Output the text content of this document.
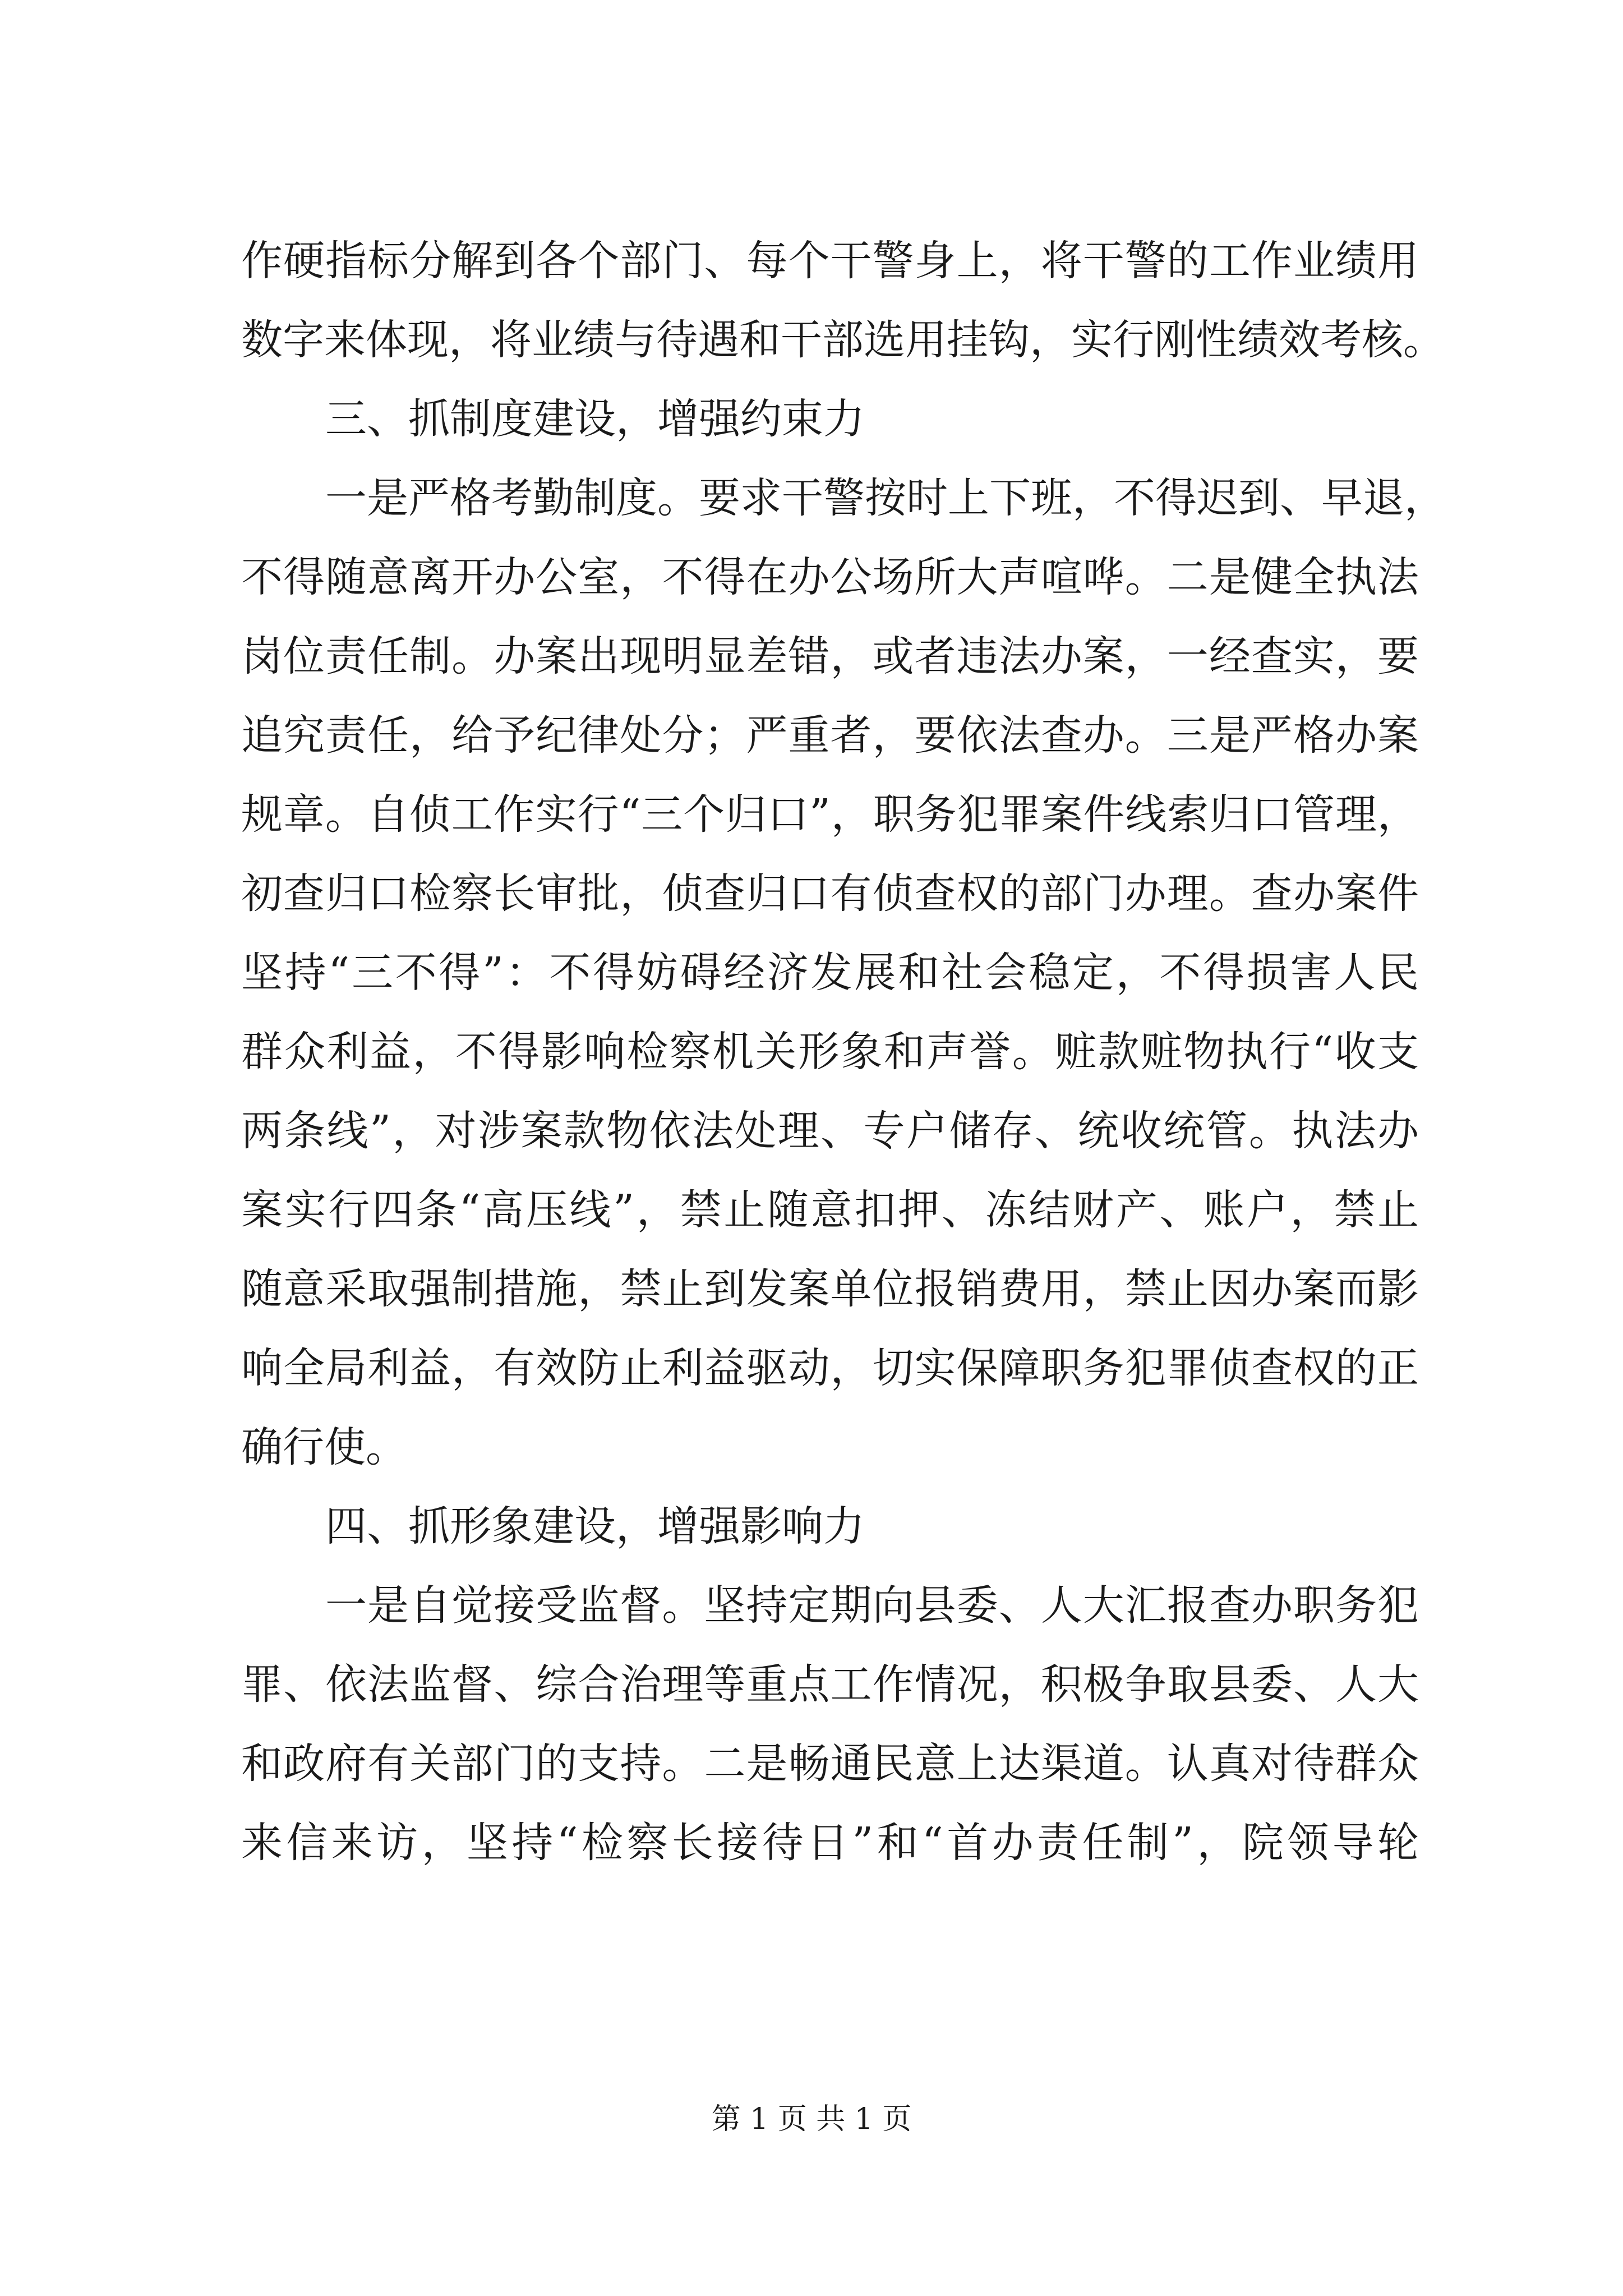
作硬指标分解到各个部门、每个干警身上，将干警的工作业绩用
数字来体现，将业绩与待遇和干部选用挂钩，实行刚性绩效考核。
三、抓制度建设，增强约束力
一是严格考勤制度。要求干警按时上下班，不得迟到、早退，
不得随意离开办公室，不得在办公场所大声喧哗。二是健全执法
岗位责任制。办案出现明显差错，或者违法办案，一经查实，要
追究责任，给予纪律处分；严重者，要依法查办。三是严格办案
规章。自侦工作实行“三个归口”，职务犯罪案件线索归口管理，
初查归口检察长审批，侦查归口有侦查权的部门办理。查办案件
坚持“三不得”：不得妨碍经济发展和社会稳定，不得损害人民
群众利益，不得影响检察机关形象和声誉。赃款赃物执行“收支
两条线”，对涉案款物依法处理、专户储存、统收统管。执法办
案实行四条“高压线”，禁止随意扣押、冻结财产、账户，禁止
随意采取强制措施，禁止到发案单位报销费用，禁止因办案而影
响全局利益，有效防止利益驱动，切实保障职务犯罪侦查权的正
确行使。
四、抓形象建设，增强影响力
一是自觉接受监督。坚持定期向县委、人大汇报查办职务犯
罪、依法监督、综合治理等重点工作情况，积极争取县委、人大
和政府有关部门的支持。二是畅通民意上达渠道。认真对待群众
来信来访，坚持“检察长接待日”和“首办责任制”，院领导轮
第 1 页 共 1 页
